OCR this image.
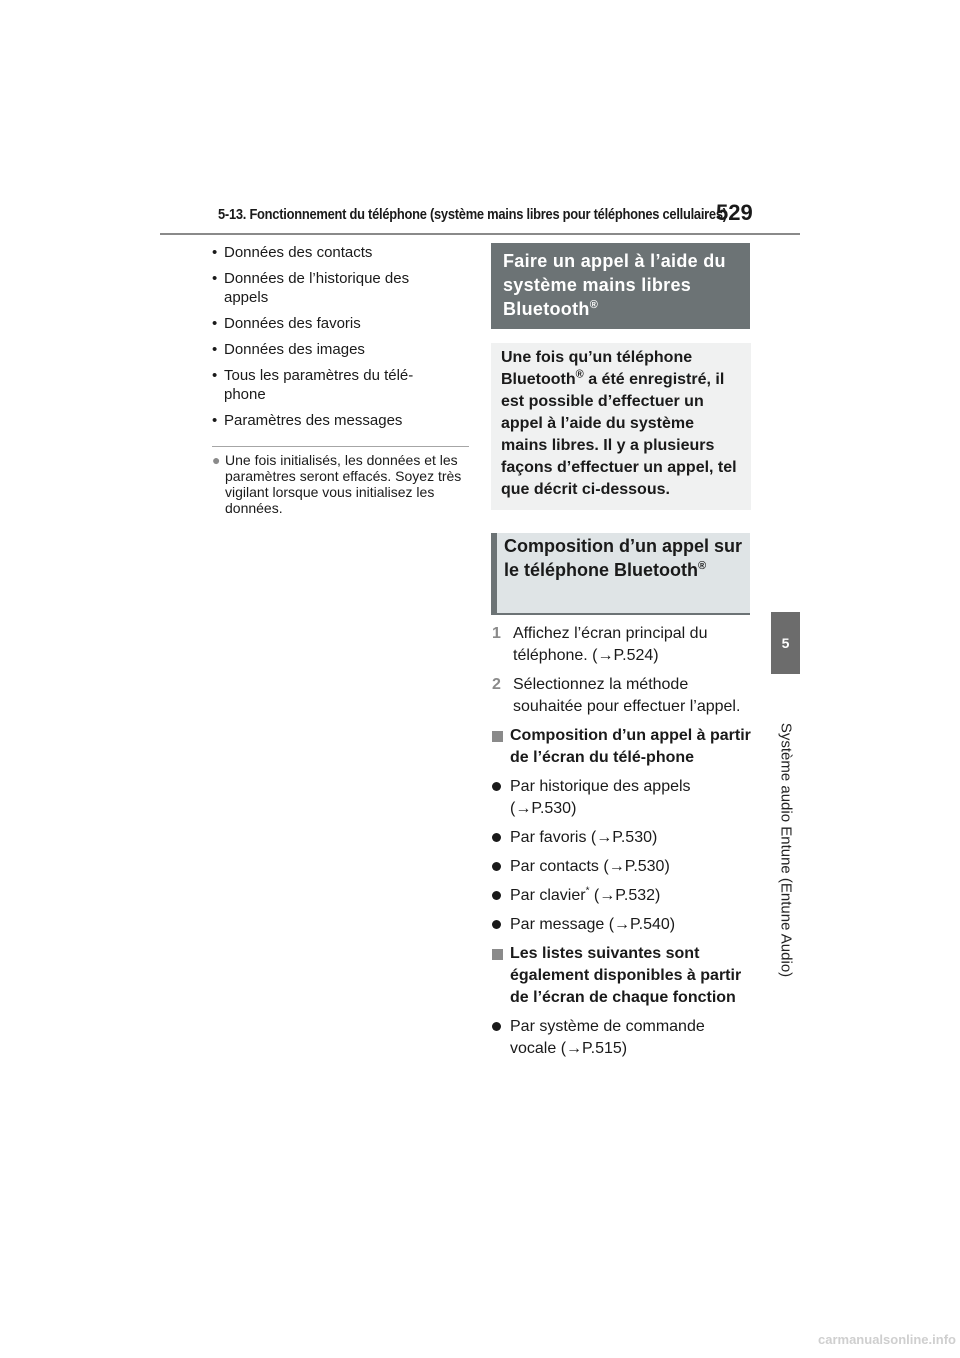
5-13. Fonctionnement du téléphone (système mains libres pour téléphones cellulaires)
529
5
Système audio Entune (Entune Audio)
• Données des contacts
• Données de l’historique des appels
• Données des favoris
• Données des images
• Tous les paramètres du télé-phone
• Paramètres des messages
● Une fois initialisés, les données et les paramètres seront effacés. Soyez très vigilant lorsque vous initialisez les données.
Faire un appel à l’aide du système mains libres Bluetooth®
Une fois qu’un téléphone Bluetooth® a été enregistré, il est possible d’effectuer un appel à l’aide du système mains libres. Il y a plusieurs façons d’effectuer un appel, tel que décrit ci-dessous.
Composition d’un appel sur le téléphone Bluetooth®
1 Affichez l’écran principal du téléphone. (→P.524)
2 Sélectionnez la méthode souhaitée pour effectuer l’appel.
Composition d’un appel à partir de l’écran du télé-phone
Par historique des appels (→P.530)
Par favoris (→P.530)
Par contacts (→P.530)
Par clavier* (→P.532)
Par message (→P.540)
Les listes suivantes sont également disponibles à partir de l’écran de chaque fonction
Par système de commande vocale (→P.515)
carmanualsonline.info
